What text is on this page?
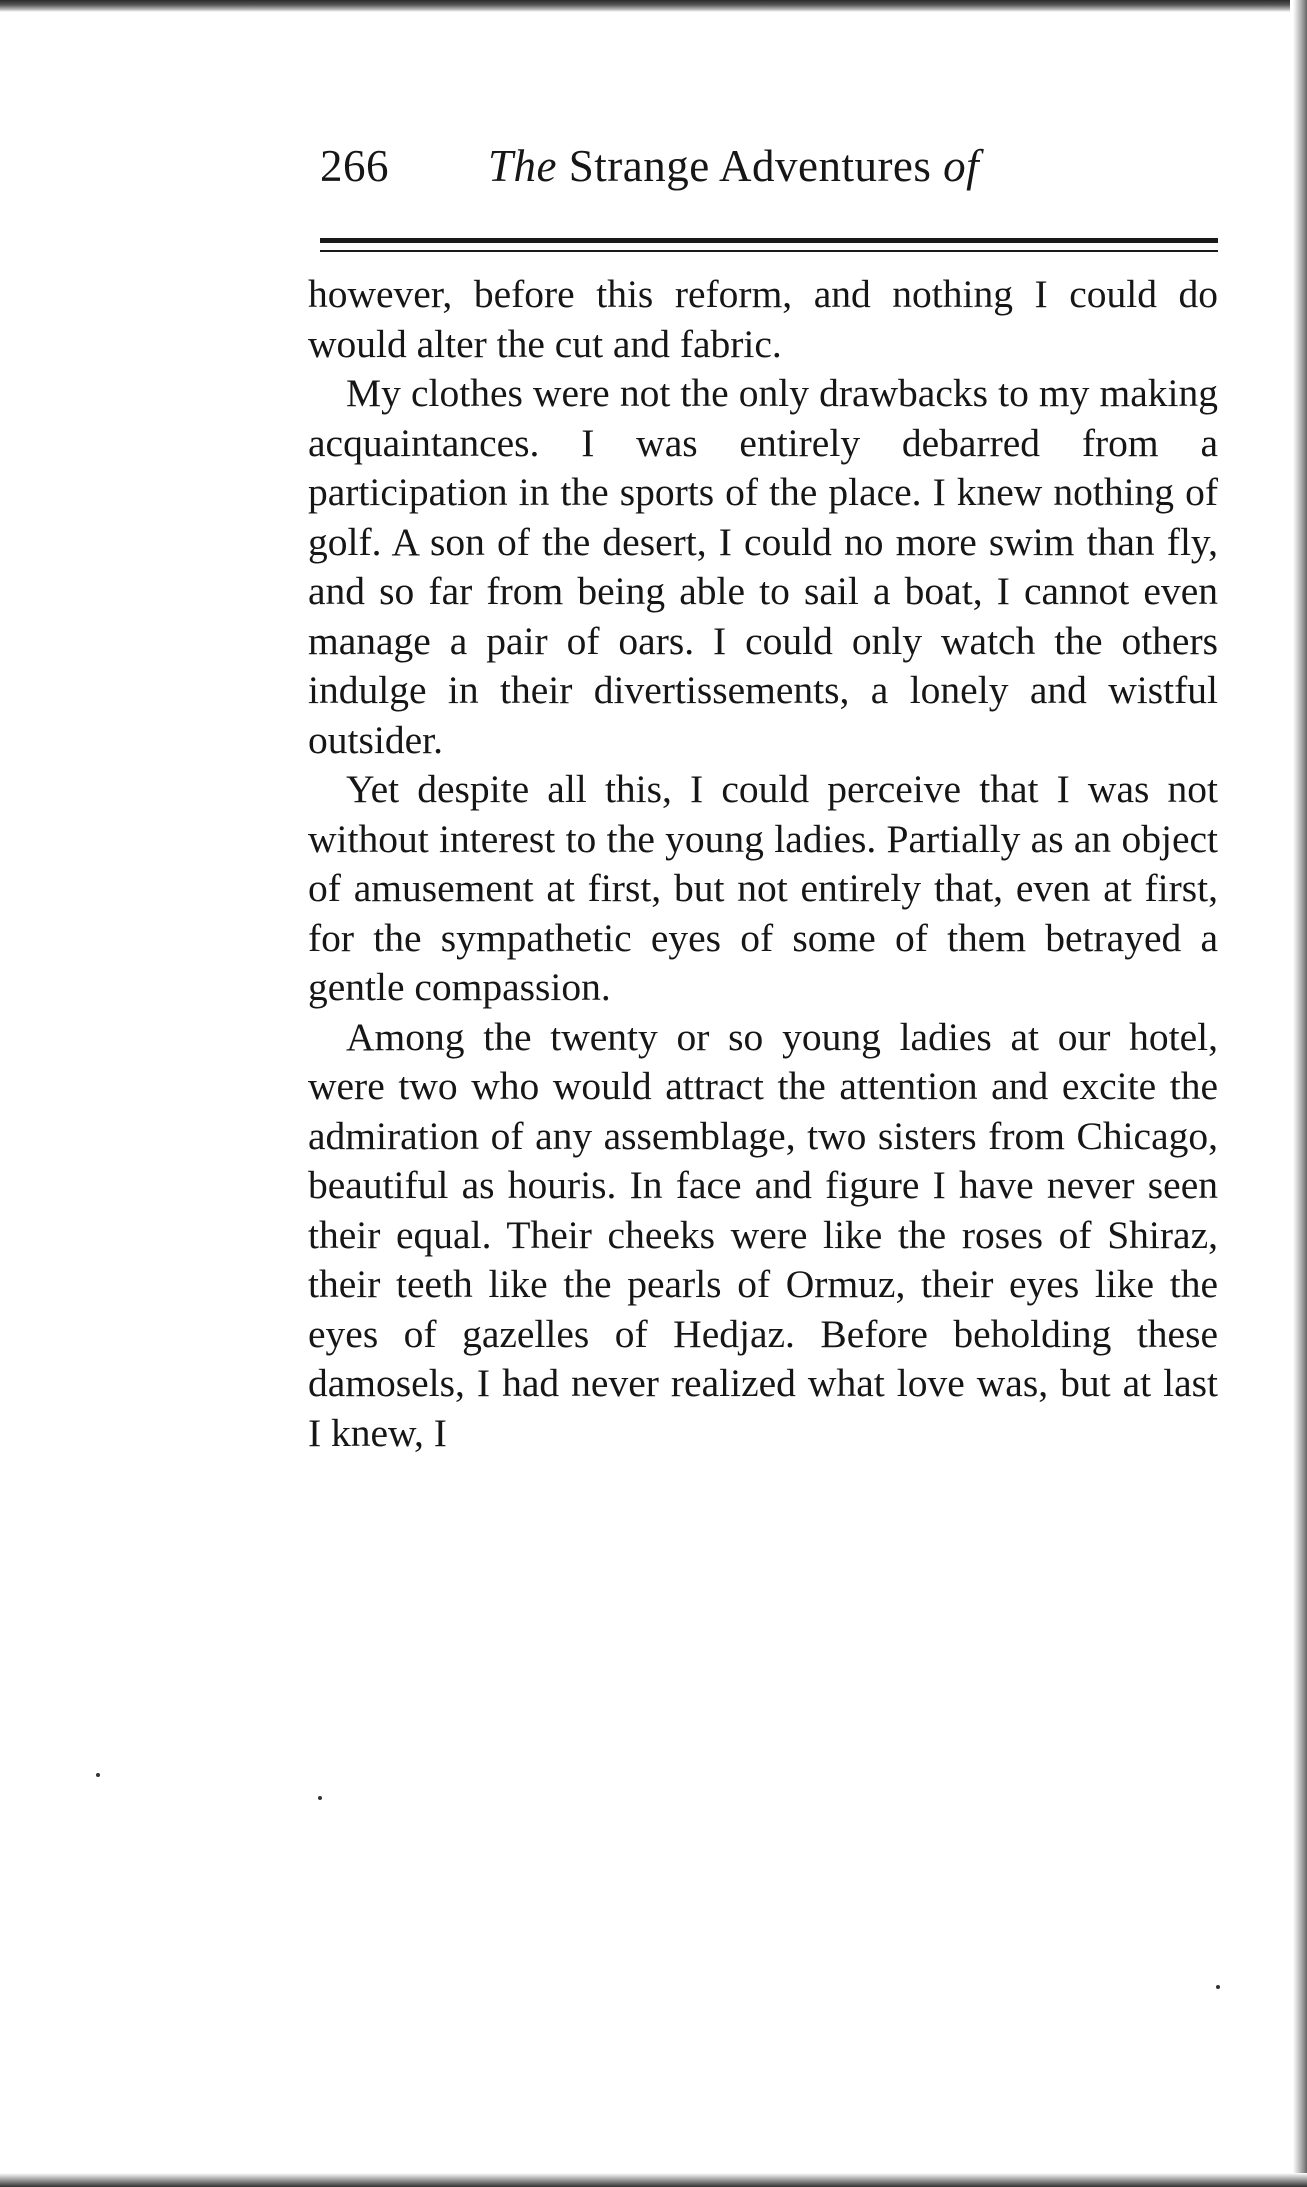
266 The Strange Adventures of

however, before this reform, and nothing I could do would alter the cut and fabric.

My clothes were not the only drawbacks to my making acquaintances. I was entirely debarred from a participation in the sports of the place. I knew nothing of golf. A son of the desert, I could no more swim than fly, and so far from being able to sail a boat, I cannot even manage a pair of oars. I could only watch the others indulge in their divertissements, a lonely and wistful outsider.

Yet despite all this, I could perceive that I was not without interest to the young ladies. Partially as an object of amusement at first, but not entirely that, even at first, for the sympathetic eyes of some of them betrayed a gentle compassion.

Among the twenty or so young ladies at our hotel, were two who would attract the attention and excite the admiration of any assemblage, two sisters from Chicago, beautiful as houris. In face and figure I have never seen their equal. Their cheeks were like the roses of Shiraz, their teeth like the pearls of Ormuz, their eyes like the eyes of gazelles of Hedjaz. Before beholding these damosels, I had never realized what love was, but at last I knew, I
